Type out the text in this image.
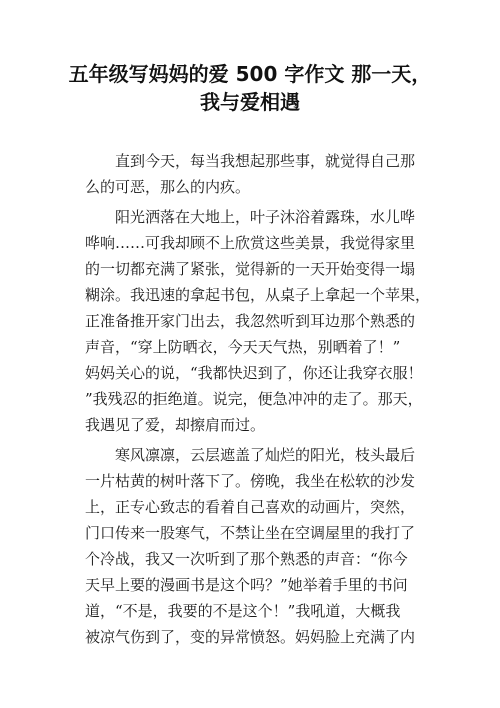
五年级写妈妈的爱 500 字作文 那一天，
我与爱相遇
直到今天，每当我想起那些事，就觉得自己那
么的可恶，那么的内疚。
阳光洒落在大地上，叶子沐浴着露珠，水儿哗
哗响……可我却顾不上欣赏这些美景，我觉得家里
的一切都充满了紧张，觉得新的一天开始变得一塌
糊涂。我迅速的拿起书包，从桌子上拿起一个苹果，
正准备推开家门出去，我忽然听到耳边那个熟悉的
声音，“穿上防晒衣，今天天气热，别晒着了！”
妈妈关心的说，“我都快迟到了，你还让我穿衣服！
”我残忍的拒绝道。说完，便急冲冲的走了。那天，
我遇见了爱，却擦肩而过。
寒风凛凛，云层遮盖了灿烂的阳光，枝头最后
一片枯黄的树叶落下了。傍晚，我坐在松软的沙发
上，正专心致志的看着自己喜欢的动画片，突然，
门口传来一股寒气，不禁让坐在空调屋里的我打了
个冷战，我又一次听到了那个熟悉的声音：“你今
天早上要的漫画书是这个吗？”她举着手里的书问
道，“不是，我要的不是这个！”我吼道，大概我
被凉气伤到了，变的异常愤怒。妈妈脸上充满了内
